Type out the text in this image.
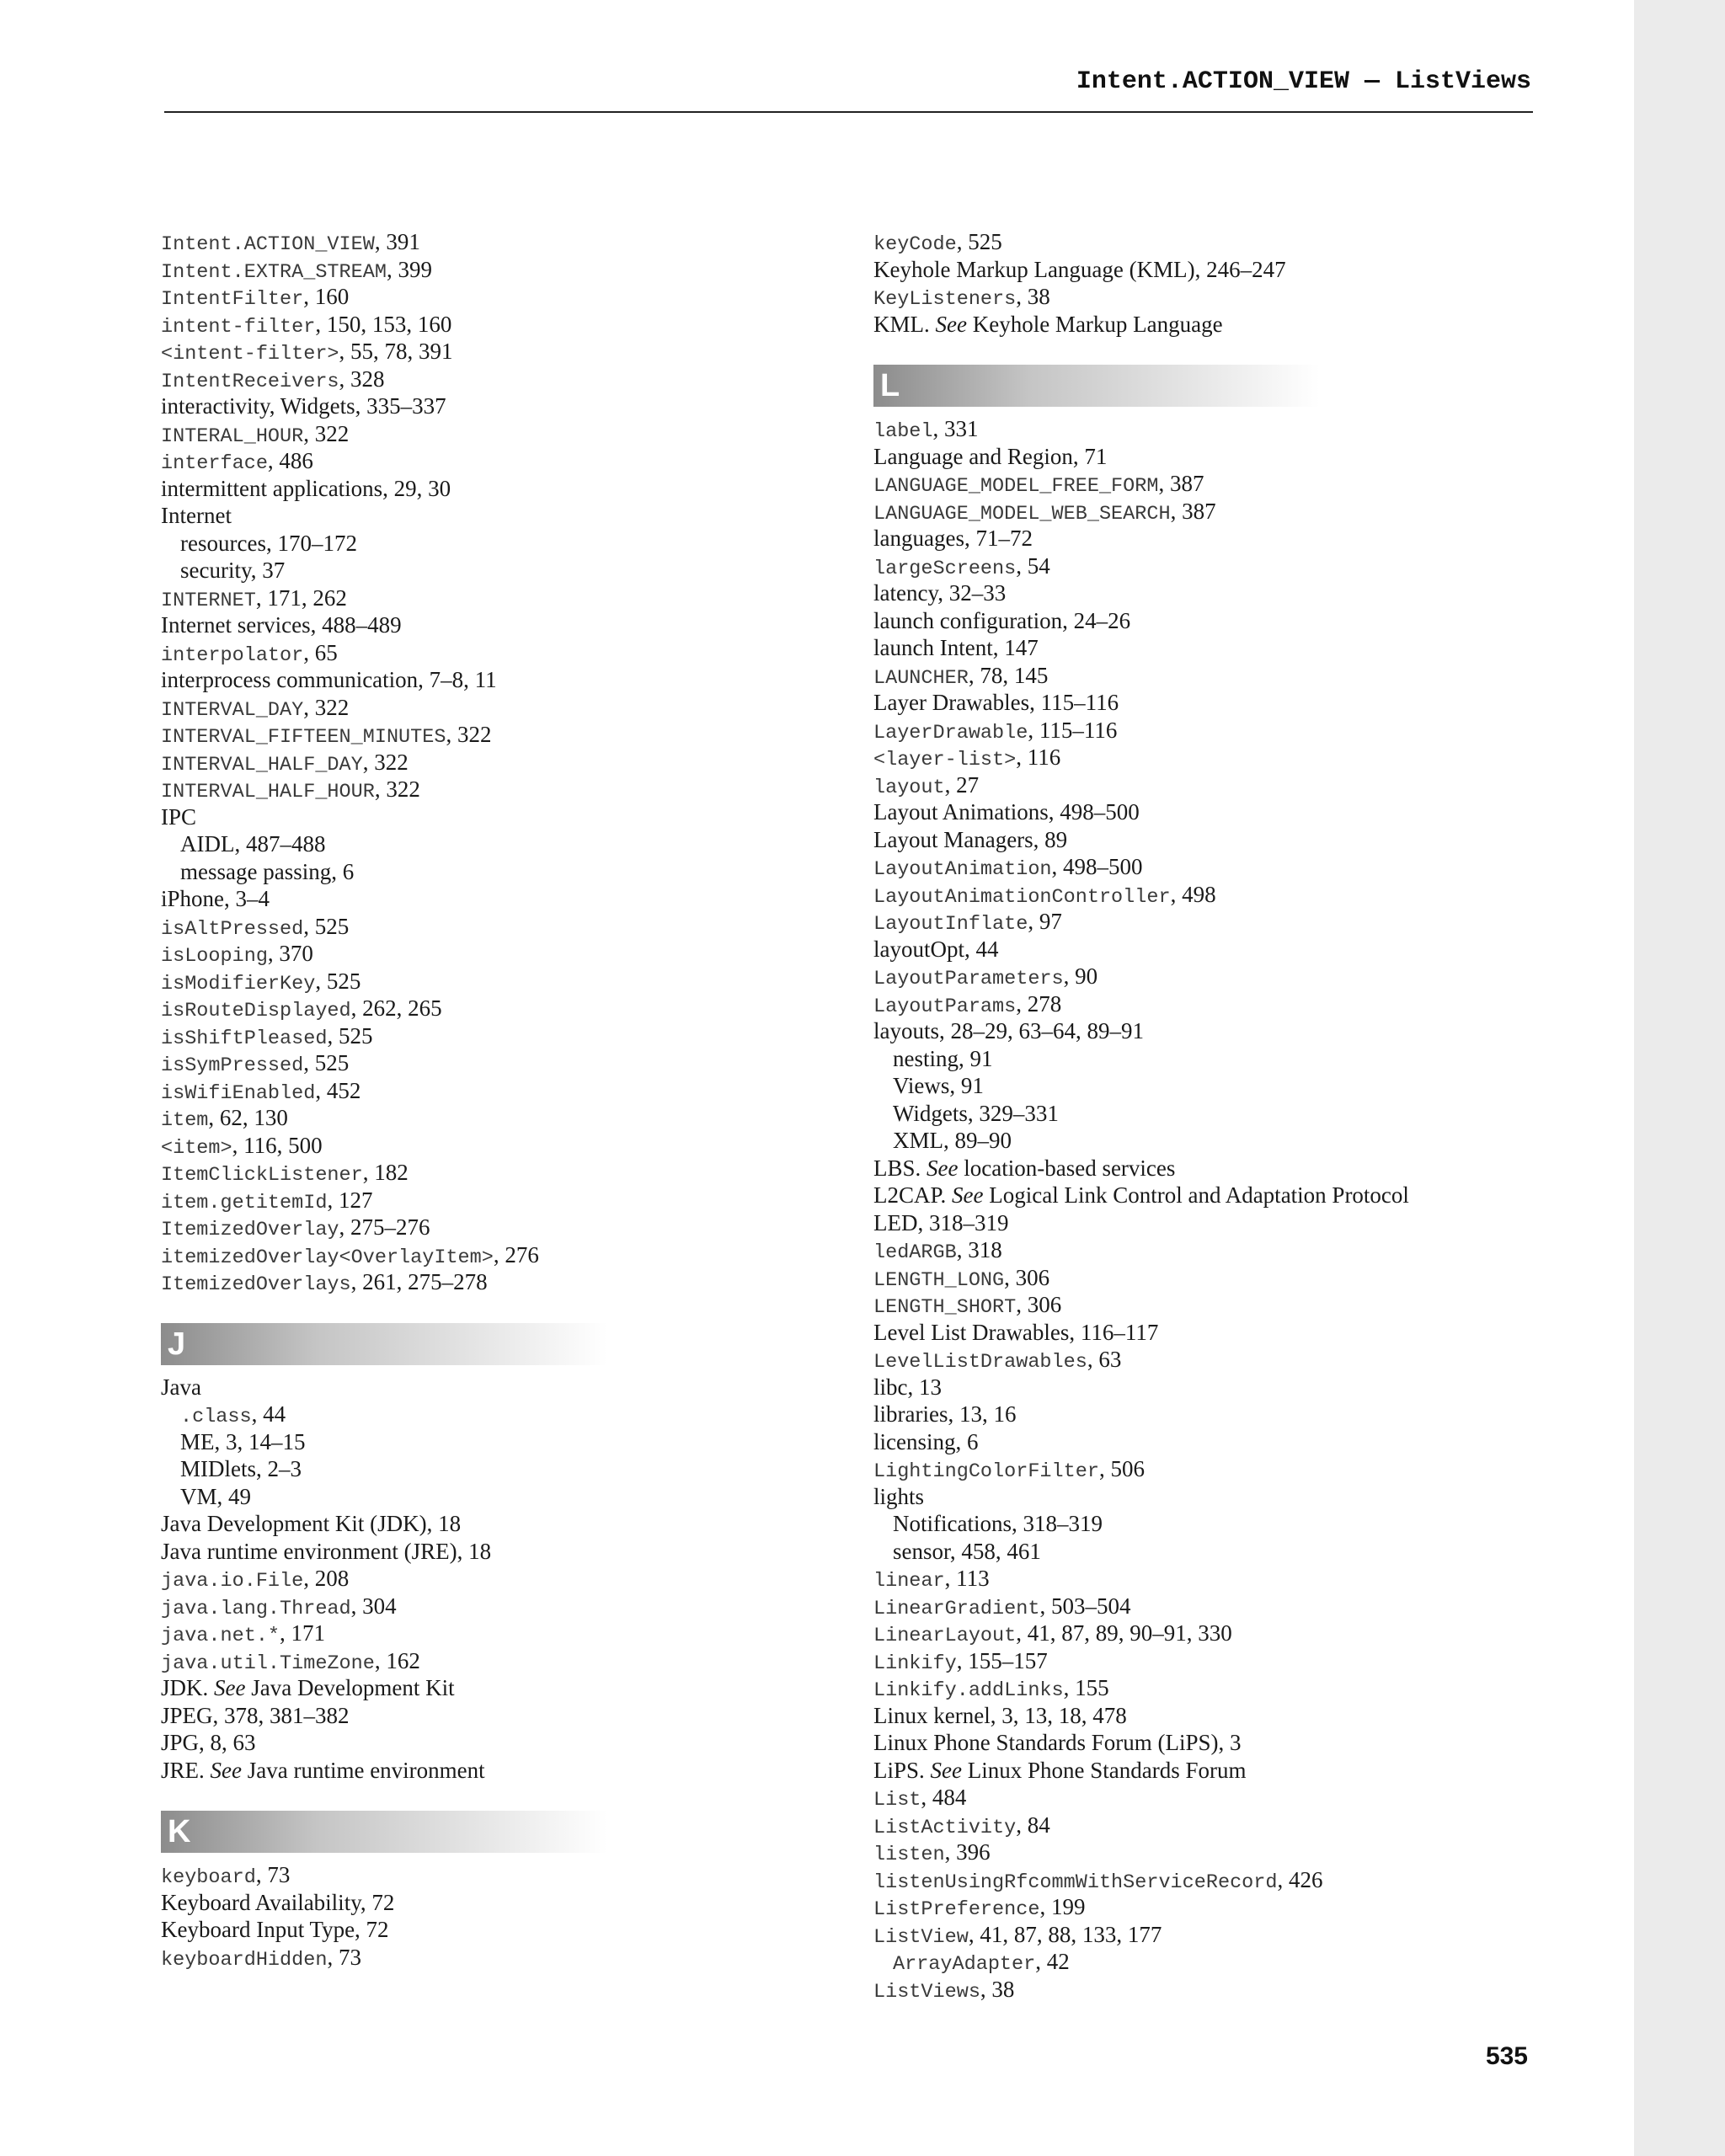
Intent.ACTION_VIEW — ListViews
Intent.ACTION_VIEW, 391
Intent.EXTRA_STREAM, 399
IntentFilter, 160
intent-filter, 150, 153, 160
<intent-filter>, 55, 78, 391
IntentReceivers, 328
interactivity, Widgets, 335–337
INTERAL_HOUR, 322
interface, 486
intermittent applications, 29, 30
Internet
resources, 170–172
security, 37
INTERNET, 171, 262
Internet services, 488–489
interpolator, 65
interprocess communication, 7–8, 11
INTERVAL_DAY, 322
INTERVAL_FIFTEEN_MINUTES, 322
INTERVAL_HALF_DAY, 322
INTERVAL_HALF_HOUR, 322
IPC
AIDL, 487–488
message passing, 6
iPhone, 3–4
isAltPressed, 525
isLooping, 370
isModifierKey, 525
isRouteDisplayed, 262, 265
isShiftPleased, 525
isSymPressed, 525
isWifiEnabled, 452
item, 62, 130
<item>, 116, 500
ItemClickListener, 182
item.getitemId, 127
ItemizedOverlay, 275–276
itemizedOverlay<OverlayItem>, 276
ItemizedOverlays, 261, 275–278
J
Java
.class, 44
ME, 3, 14–15
MIDlets, 2–3
VM, 49
Java Development Kit (JDK), 18
Java runtime environment (JRE), 18
java.io.File, 208
java.lang.Thread, 304
java.net.*, 171
java.util.TimeZone, 162
JDK. See Java Development Kit
JPEG, 378, 381–382
JPG, 8, 63
JRE. See Java runtime environment
K
keyboard, 73
Keyboard Availability, 72
Keyboard Input Type, 72
keyboardHidden, 73
keyCode, 525
Keyhole Markup Language (KML), 246–247
KeyListeners, 38
KML. See Keyhole Markup Language
L
label, 331
Language and Region, 71
LANGUAGE_MODEL_FREE_FORM, 387
LANGUAGE_MODEL_WEB_SEARCH, 387
languages, 71–72
largeScreens, 54
latency, 32–33
launch configuration, 24–26
launch Intent, 147
LAUNCHER, 78, 145
Layer Drawables, 115–116
LayerDrawable, 115–116
<layer-list>, 116
layout, 27
Layout Animations, 498–500
Layout Managers, 89
LayoutAnimation, 498–500
LayoutAnimationController, 498
LayoutInflate, 97
layoutOpt, 44
LayoutParameters, 90
LayoutParams, 278
layouts, 28–29, 63–64, 89–91
nesting, 91
Views, 91
Widgets, 329–331
XML, 89–90
LBS. See location-based services
L2CAP. See Logical Link Control and Adaptation Protocol
LED, 318–319
ledARGB, 318
LENGTH_LONG, 306
LENGTH_SHORT, 306
Level List Drawables, 116–117
LevelListDrawables, 63
libc, 13
libraries, 13, 16
licensing, 6
LightingColorFilter, 506
lights
Notifications, 318–319
sensor, 458, 461
linear, 113
LinearGradient, 503–504
LinearLayout, 41, 87, 89, 90–91, 330
Linkify, 155–157
Linkify.addLinks, 155
Linux kernel, 3, 13, 18, 478
Linux Phone Standards Forum (LiPS), 3
LiPS. See Linux Phone Standards Forum
List, 484
ListActivity, 84
listen, 396
listenUsingRfcommWithServiceRecord, 426
ListPreference, 199
ListView, 41, 87, 88, 133, 177
ArrayAdapter, 42
ListViews, 38
535
